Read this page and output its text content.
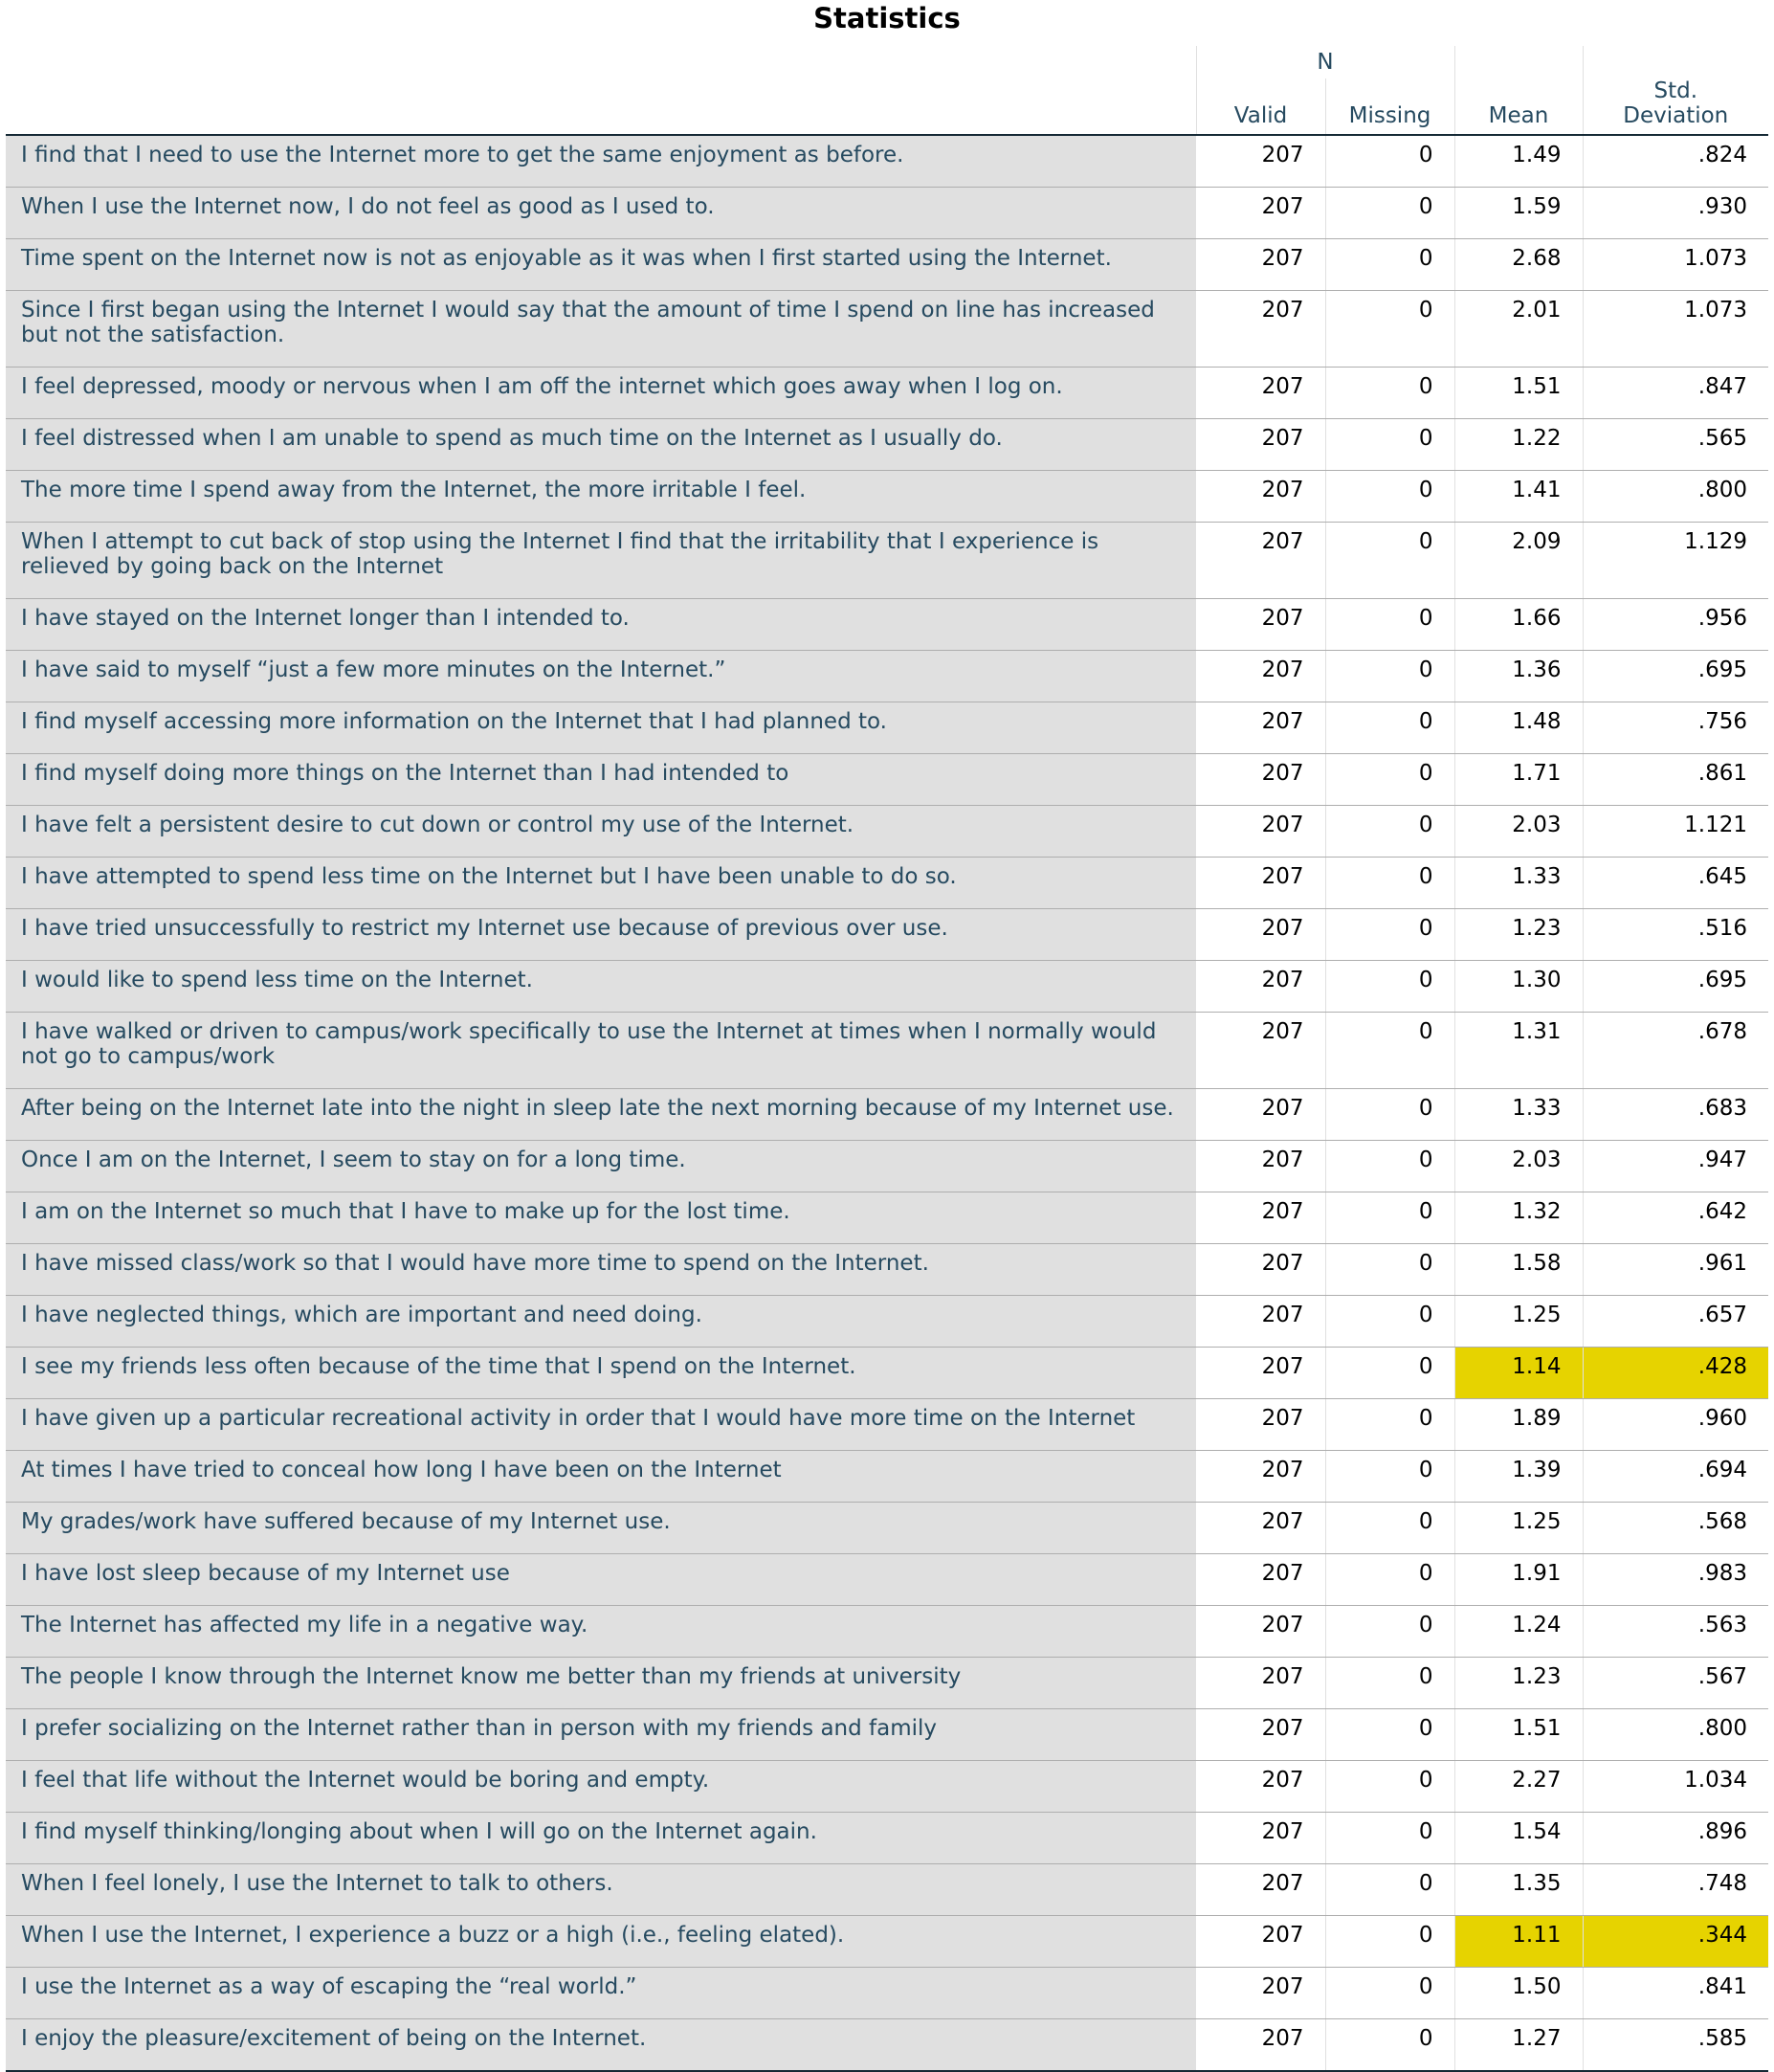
Statistics
	N			
	Valid	Missing	Mean	Std.
Deviation
I find that I need to use the Internet more to get the same enjoyment as before.	207	0	1.49	.824
When I use the Internet now, I do not feel as good as I used to.	207	0	1.59	.930
Time spent on the Internet now is not as enjoyable as it was when I first started using the Internet.	207	0	2.68	1.073
Since I first began using the Internet I would say that the amount of time I spend on line has increased but not the satisfaction.	207	0	2.01	1.073
I feel depressed, moody or nervous when I am off the internet which goes away when I log on.	207	0	1.51	.847
I feel distressed when I am unable to spend as much time on the Internet as I usually do.	207	0	1.22	.565
The more time I spend away from the Internet, the more irritable I feel.	207	0	1.41	.800
When I attempt to cut back of stop using the Internet I find that the irritability that I experience is relieved by going back on the Internet	207	0	2.09	1.129
I have stayed on the Internet longer than I intended to.	207	0	1.66	.956
I have said to myself “just a few more minutes on the Internet.”	207	0	1.36	.695
I find myself accessing more information on the Internet that I had planned to.	207	0	1.48	.756
I find myself doing more things on the Internet than I had intended to	207	0	1.71	.861
I have felt a persistent desire to cut down or control my use of the Internet.	207	0	2.03	1.121
I have attempted to spend less time on the Internet but I have been unable to do so.	207	0	1.33	.645
I have tried unsuccessfully to restrict my Internet use because of previous over use.	207	0	1.23	.516
I would like to spend less time on the Internet.	207	0	1.30	.695
I have walked or driven to campus/work specifically to use the Internet at times when I normally would not go to campus/work	207	0	1.31	.678
After being on the Internet late into the night in sleep late the next morning because of my Internet use.	207	0	1.33	.683
Once I am on the Internet, I seem to stay on for a long time.	207	0	2.03	.947
I am on the Internet so much that I have to make up for the lost time.	207	0	1.32	.642
I have missed class/work so that I would have more time to spend on the Internet.	207	0	1.58	.961
I have neglected things, which are important and need doing.	207	0	1.25	.657
I see my friends less often because of the time that I spend on the Internet.	207	0	1.14	.428
I have given up a particular recreational activity in order that I would have more time on the Internet	207	0	1.89	.960
At times I have tried to conceal how long I have been on the Internet	207	0	1.39	.694
My grades/work have suffered because of my Internet use.	207	0	1.25	.568
I have lost sleep because of my Internet use	207	0	1.91	.983
The Internet has affected my life in a negative way.	207	0	1.24	.563
The people I know through the Internet know me better than my friends at university	207	0	1.23	.567
I prefer socializing on the Internet rather than in person with my friends and family	207	0	1.51	.800
I feel that life without the Internet would be boring and empty.	207	0	2.27	1.034
I find myself thinking/longing about when I will go on the Internet again.	207	0	1.54	.896
When I feel lonely, I use the Internet to talk to others.	207	0	1.35	.748
When I use the Internet, I experience a buzz or a high (i.e., feeling elated).	207	0	1.11	.344
I use the Internet as a way of escaping the “real world.”	207	0	1.50	.841
I enjoy the pleasure/excitement of being on the Internet.	207	0	1.27	.585
